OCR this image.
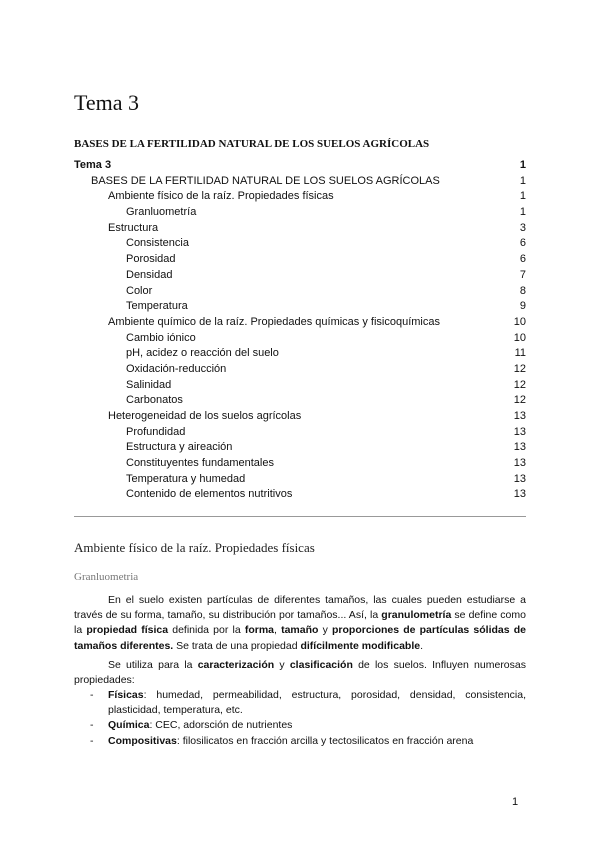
Tema 3
BASES DE LA FERTILIDAD NATURAL DE LOS SUELOS AGRÍCOLAS
Tema 3	1
BASES DE LA FERTILIDAD NATURAL DE LOS SUELOS AGRÍCOLAS	1
Ambiente físico de la raíz. Propiedades físicas	1
Granluometría	1
Estructura	3
Consistencia	6
Porosidad	6
Densidad	7
Color	8
Temperatura	9
Ambiente químico de la raíz. Propiedades químicas y fisicoquímicas	10
Cambio iónico	10
pH, acidez o reacción del suelo	11
Oxidación-reducción	12
Salinidad	12
Carbonatos	12
Heterogeneidad de los suelos agrícolas	13
Profundidad	13
Estructura y aireación	13
Constituyentes fundamentales	13
Temperatura y humedad	13
Contenido de elementos nutritivos	13
Ambiente físico de la raíz. Propiedades físicas
Granluometria

En el suelo existen partículas de diferentes tamaños, las cuales pueden estudiarse a través de su forma, tamaño, su distribución por tamaños... Así, la granulometría se define como la propiedad física definida por la forma, tamaño y proporciones de partículas sólidas de tamaños diferentes. Se trata de una propiedad difícilmente modificable.

Se utiliza para la caracterización y clasificación de los suelos. Influyen numerosas propiedades:

- Físicas: humedad, permeabilidad, estructura, porosidad, densidad, consistencia, plasticidad, temperatura, etc.
- Química: CEC, adorsción de nutrientes
- Compositivas: filosilicatos en fracción arcilla y tectosilicatos en fracción arena
1
